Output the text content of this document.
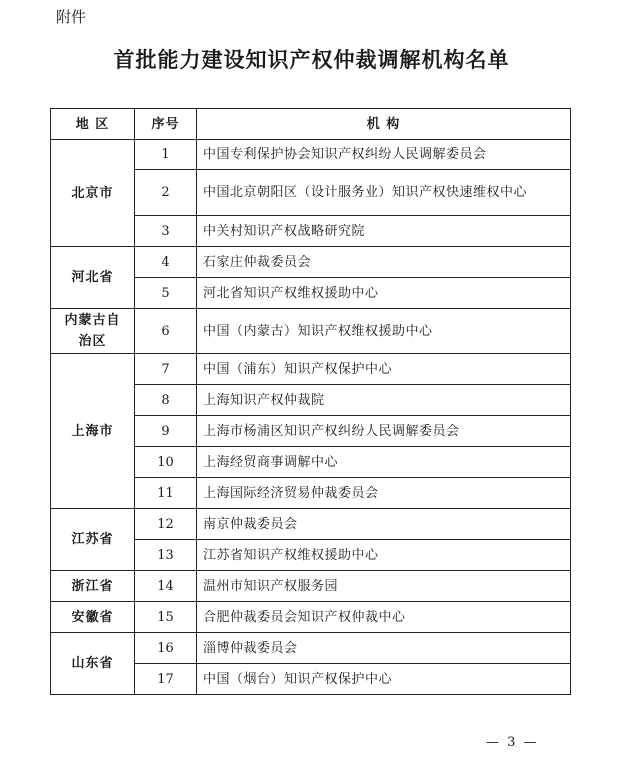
附件
首批能力建设知识产权仲裁调解机构名单
地 区	序号	机 构
北京市	1	中国专利保护协会知识产权纠纷人民调解委员会
	2	中国北京朝阳区（设计服务业）知识产权快速维权中心
	3	中关村知识产权战略研究院
河北省	4	石家庄仲裁委员会
	5	河北省知识产权维权援助中心
内蒙古自治区	6	中国（内蒙古）知识产权维权援助中心
上海市	7	中国（浦东）知识产权保护中心
	8	上海知识产权仲裁院
	9	上海市杨浦区知识产权纠纷人民调解委员会
	10	上海经贸商事调解中心
	11	上海国际经济贸易仲裁委员会
江苏省	12	南京仲裁委员会
	13	江苏省知识产权维权援助中心
浙江省	14	温州市知识产权服务园
安徽省	15	合肥仲裁委员会知识产权仲裁中心
山东省	16	淄博仲裁委员会
	17	中国（烟台）知识产权保护中心
— 3 —
